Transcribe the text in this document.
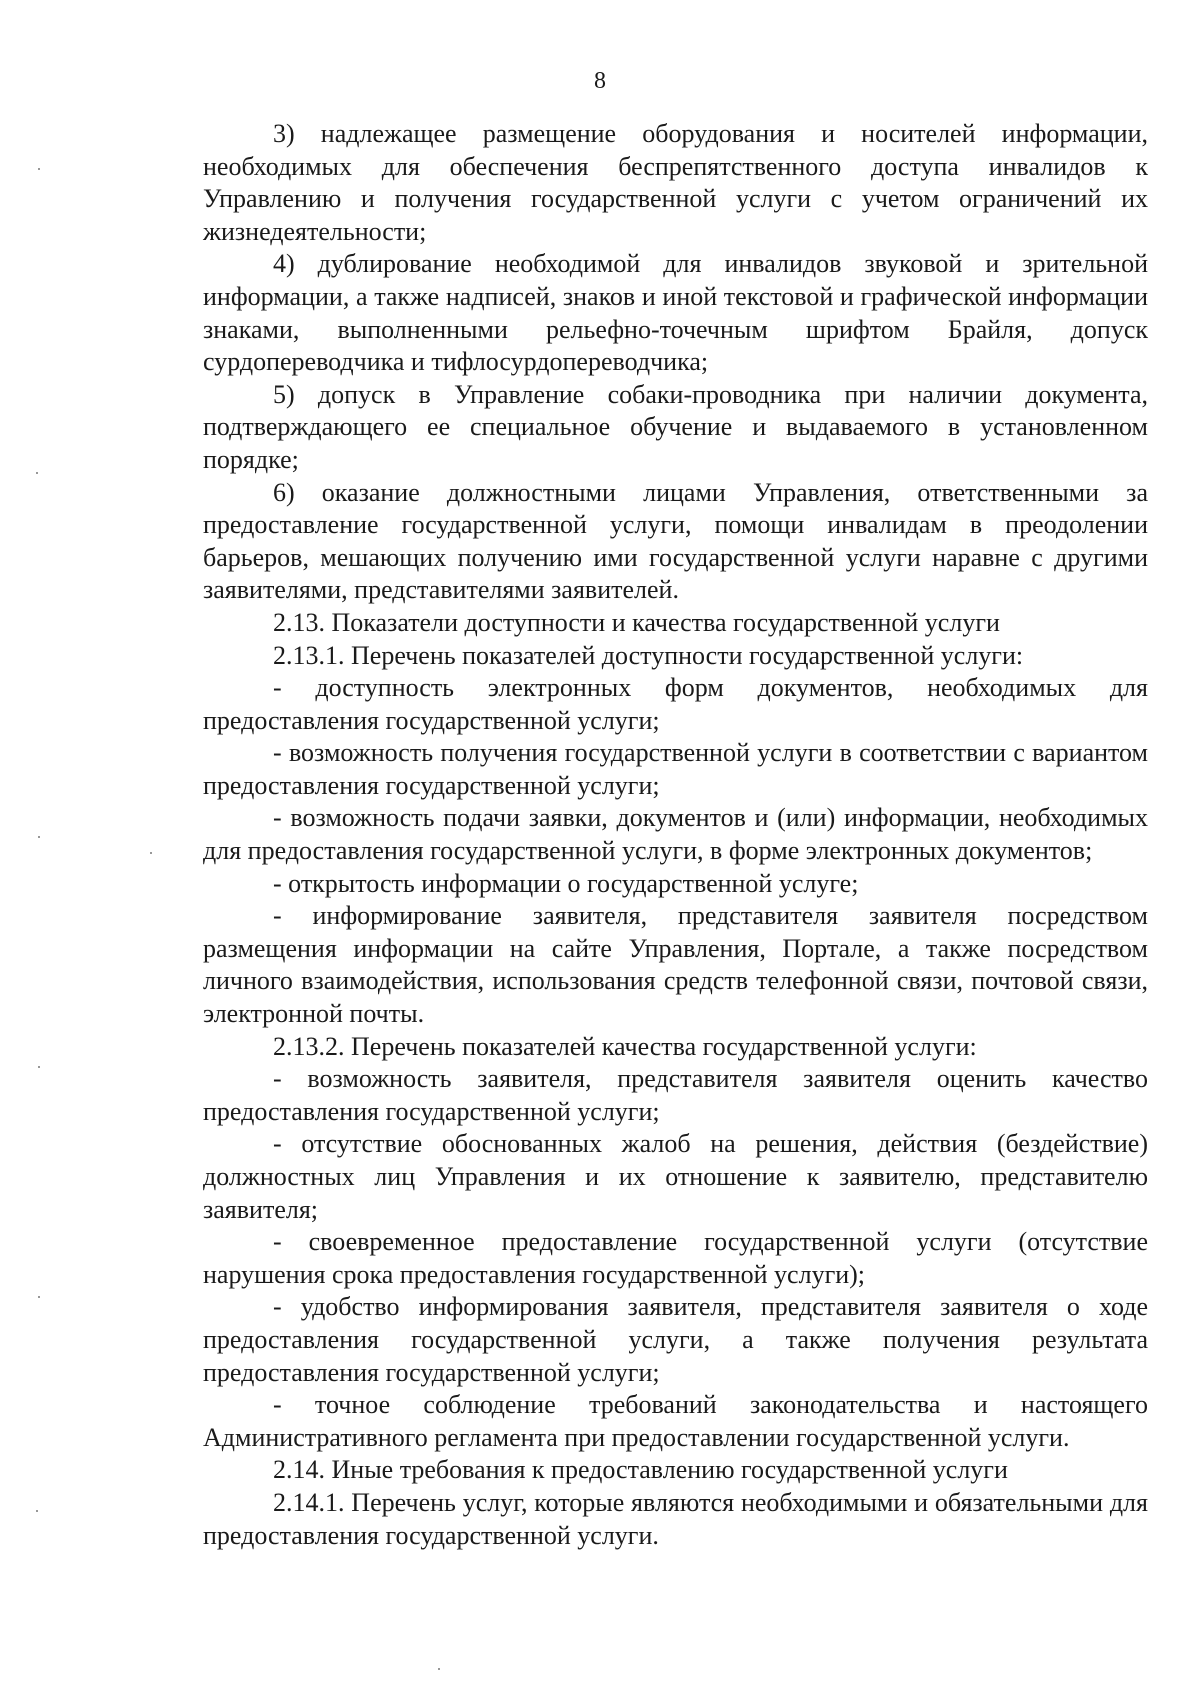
8

3) надлежащее размещение оборудования и носителей информации, необходимых для обеспечения беспрепятственного доступа инвалидов к Управлению и получения государственной услуги с учетом ограничений их жизнедеятельности;

4) дублирование необходимой для инвалидов звуковой и зрительной информации, а также надписей, знаков и иной текстовой и графической информации знаками, выполненными рельефно-точечным шрифтом Брайля, допуск сурдопереводчика и тифлосурдопереводчика;

5) допуск в Управление собаки-проводника при наличии документа, подтверждающего ее специальное обучение и выдаваемого в установленном порядке;

6) оказание должностными лицами Управления, ответственными за предоставление государственной услуги, помощи инвалидам в преодолении барьеров, мешающих получению ими государственной услуги наравне с другими заявителями, представителями заявителей.

2.13. Показатели доступности и качества государственной услуги

2.13.1. Перечень показателей доступности государственной услуги:

- доступность электронных форм документов, необходимых для предоставления государственной услуги;

- возможность получения государственной услуги в соответствии с вариантом предоставления государственной услуги;

- возможность подачи заявки, документов и (или) информации, необходимых для предоставления государственной услуги, в форме электронных документов;

- открытость информации о государственной услуге;

- информирование заявителя, представителя заявителя посредством размещения информации на сайте Управления, Портале, а также посредством личного взаимодействия, использования средств телефонной связи, почтовой связи, электронной почты.

2.13.2. Перечень показателей качества государственной услуги:

- возможность заявителя, представителя заявителя оценить качество предоставления государственной услуги;

- отсутствие обоснованных жалоб на решения, действия (бездействие) должностных лиц Управления и их отношение к заявителю, представителю заявителя;

- своевременное предоставление государственной услуги (отсутствие нарушения срока предоставления государственной услуги);

- удобство информирования заявителя, представителя заявителя о ходе предоставления государственной услуги, а также получения результата предоставления государственной услуги;

- точное соблюдение требований законодательства и настоящего Административного регламента при предоставлении государственной услуги.

2.14. Иные требования к предоставлению государственной услуги

2.14.1. Перечень услуг, которые являются необходимыми и обязательными для предоставления государственной услуги.
